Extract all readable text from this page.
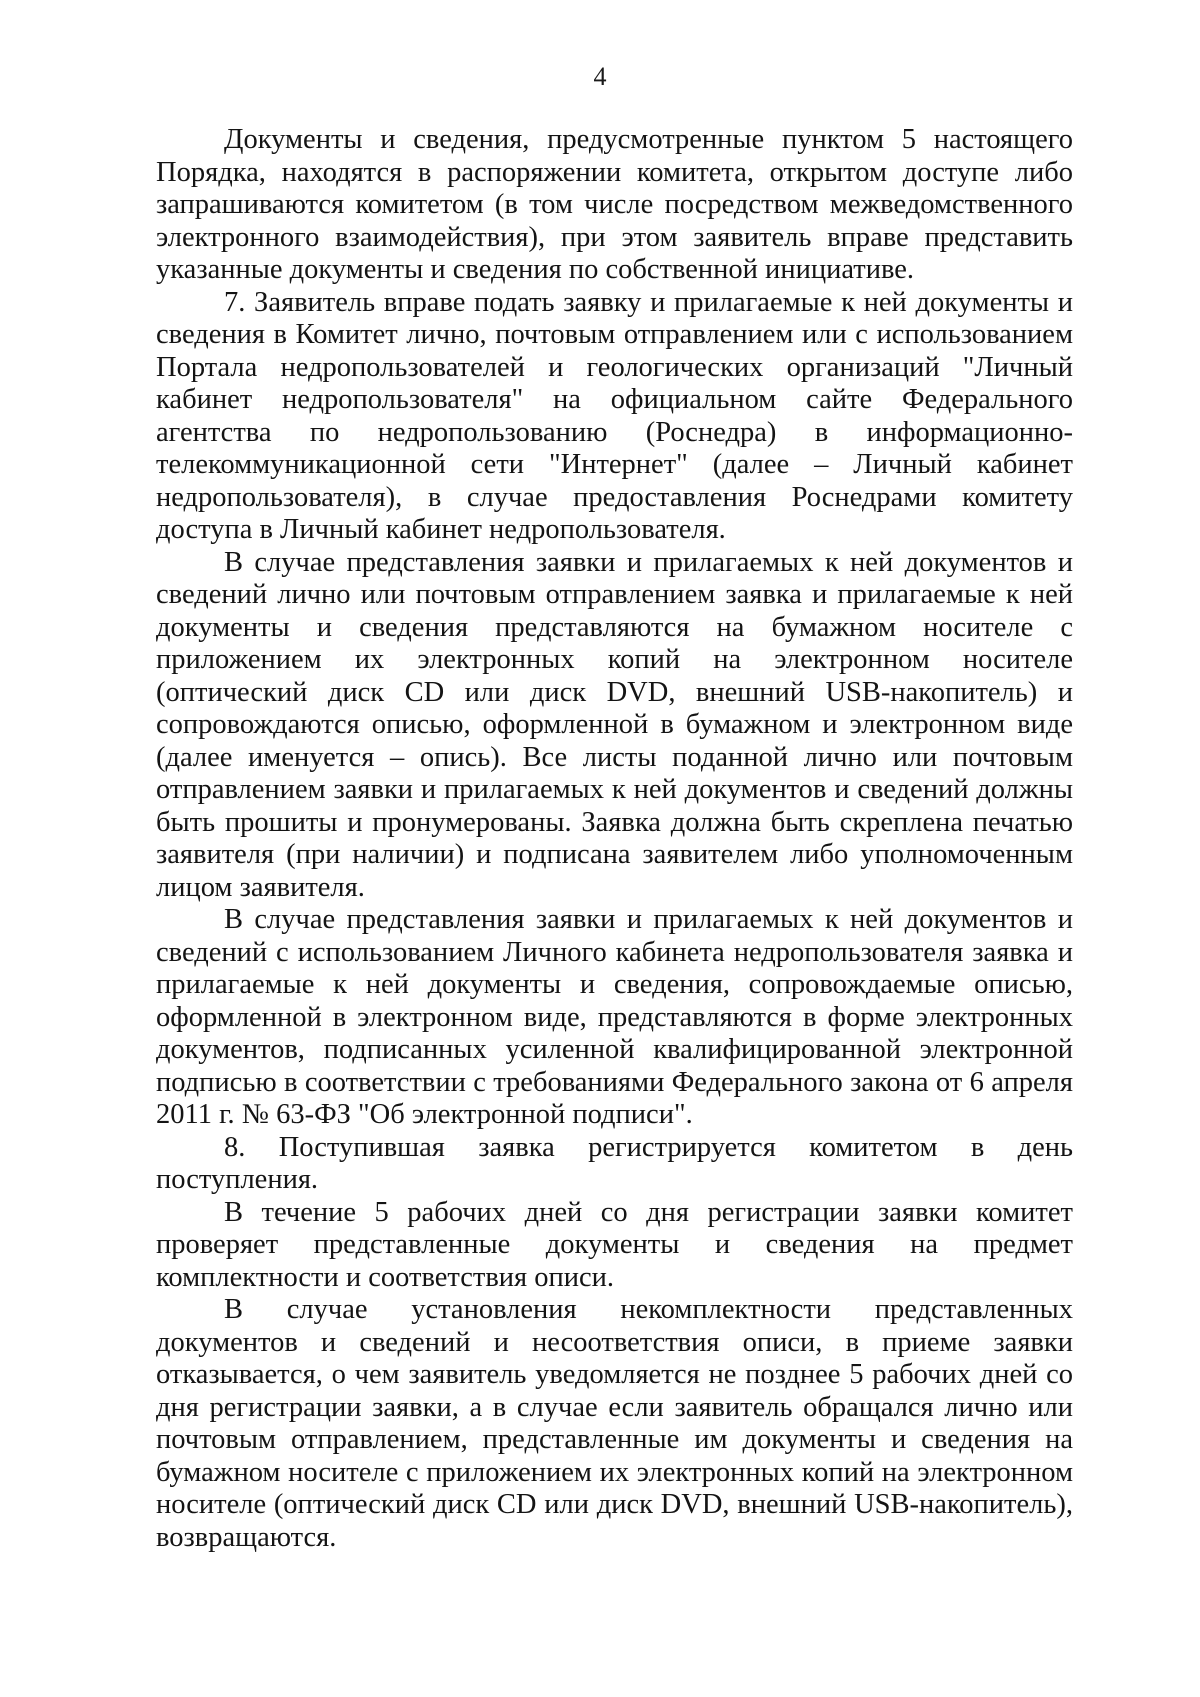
4

Документы и сведения, предусмотренные пунктом 5 настоящего Порядка, находятся в распоряжении комитета, открытом доступе либо запрашиваются комитетом (в том числе посредством межведомственного электронного взаимодействия), при этом заявитель вправе представить указанные документы и сведения по собственной инициативе.

7. Заявитель вправе подать заявку и прилагаемые к ней документы и сведения в Комитет лично, почтовым отправлением или с использованием Портала недропользователей и геологических организаций "Личный кабинет недропользователя" на официальном сайте Федерального агентства по недропользованию (Роснедра) в информационно-телекоммуникационной сети "Интернет" (далее – Личный кабинет недропользователя), в случае предоставления Роснедрами комитету доступа в Личный кабинет недропользователя.

В случае представления заявки и прилагаемых к ней документов и сведений лично или почтовым отправлением заявка и прилагаемые к ней документы и сведения представляются на бумажном носителе с приложением их электронных копий на электронном носителе (оптический диск CD или диск DVD, внешний USB-накопитель) и сопровождаются описью, оформленной в бумажном и электронном виде (далее именуется – опись). Все листы поданной лично или почтовым отправлением заявки и прилагаемых к ней документов и сведений должны быть прошиты и пронумерованы. Заявка должна быть скреплена печатью заявителя (при наличии) и подписана заявителем либо уполномоченным лицом заявителя.

В случае представления заявки и прилагаемых к ней документов и сведений с использованием Личного кабинета недропользователя заявка и прилагаемые к ней документы и сведения, сопровождаемые описью, оформленной в электронном виде, представляются в форме электронных документов, подписанных усиленной квалифицированной электронной подписью в соответствии с требованиями Федерального закона от 6 апреля 2011 г. № 63-ФЗ "Об электронной подписи".

8. Поступившая заявка регистрируется комитетом в день поступления.

В течение 5 рабочих дней со дня регистрации заявки комитет проверяет представленные документы и сведения на предмет комплектности и соответствия описи.

В случае установления некомплектности представленных документов и сведений и несоответствия описи, в приеме заявки отказывается, о чем заявитель уведомляется не позднее 5 рабочих дней со дня регистрации заявки, а в случае если заявитель обращался лично или почтовым отправлением, представленные им документы и сведения на бумажном носителе с приложением их электронных копий на электронном носителе (оптический диск CD или диск DVD, внешний USB-накопитель), возвращаются.
